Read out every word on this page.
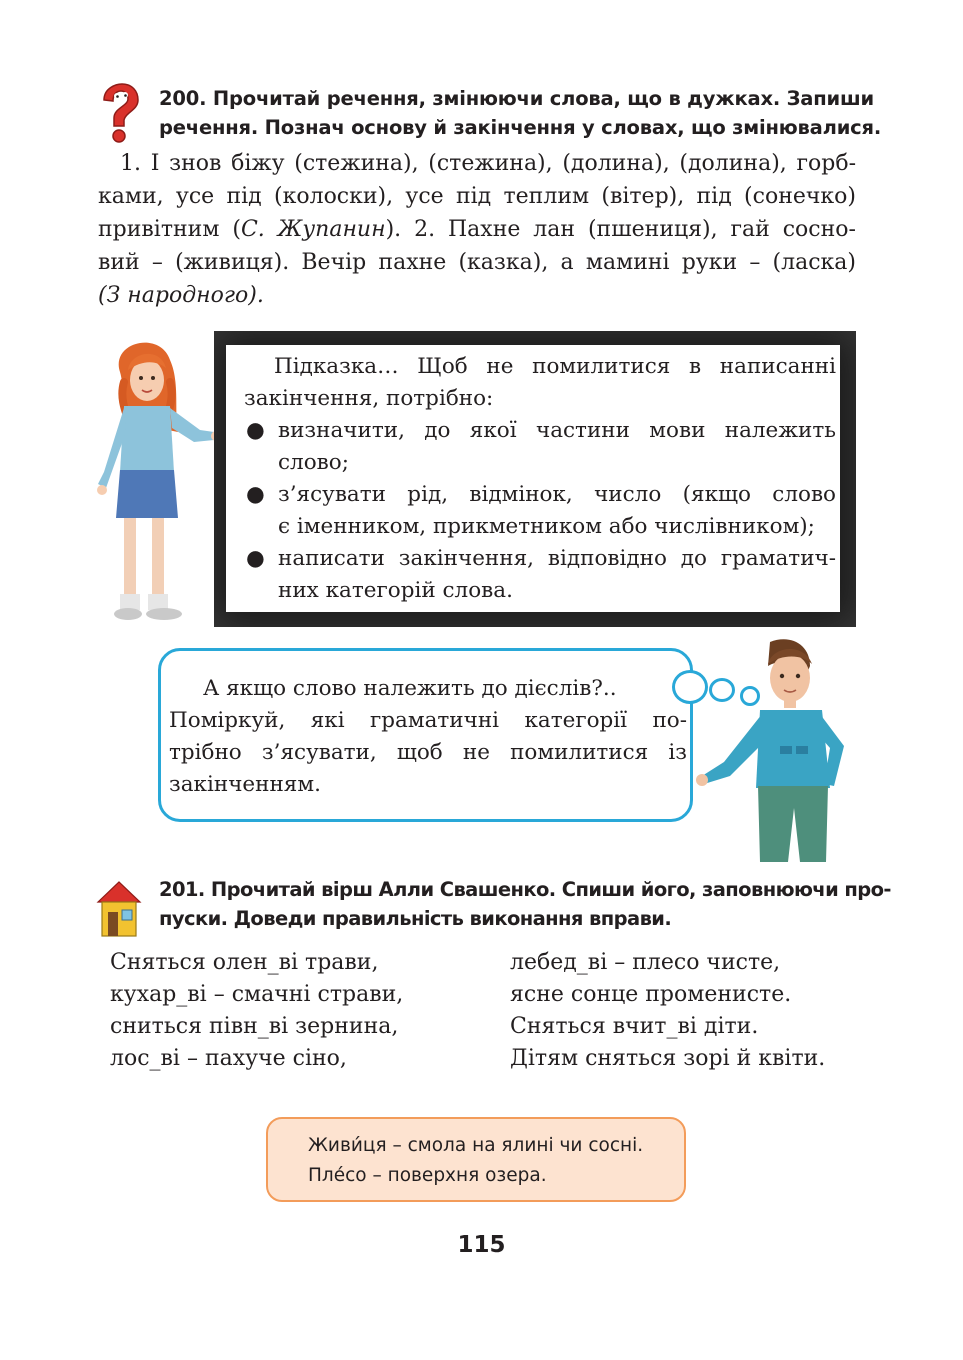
200. Прочитай речення, змінюючи слова, що в дужках. Запиши
речення. Познач основу й закінчення у словах, що змінювалися.
1. І знов біжу (стежина), (стежина), (долина), (долина), горб-
ками, усе під (колоски), усе під теплим (вітер), під (сонечко)
привітним (С. Жупанин). 2. Пахне лан (пшениця), гай сосно-
вий – (живиця). Вечір пахне (казка), а мамині руки – (ласка)
(З народного).
Підказка… Щоб не помилитися в написанні
закінчення, потрібно:
● визначити, до якої частини мови належить
слово;
● з’ясувати рід, відмінок, число (якщо слово
є іменником, прикметником або числівником);
● написати закінчення, відповідно до граматич-
них категорій слова.
А якщо слово належить до дієслів?..
Поміркуй, які граматичні категорії по-
трібно з’ясувати, щоб не помилитися із
закінченням.
201. Прочитай вірш Алли Свашенко. Спиши його, заповнюючи про-
пуски. Доведи правильність виконання вправи.
Сняться олен_ві трави,
кухар_ві – смачні страви,
сниться півн_ві зернина,
лос_ві – пахуче сіно,
лебед_ві – плесо чисте,
ясне сонце променисте.
Сняться вчит_ві діти.
Дітям сняться зорі й квіти.
Живи́ця – смола на ялині чи сосні.
Пле́со – поверхня озера.
115
